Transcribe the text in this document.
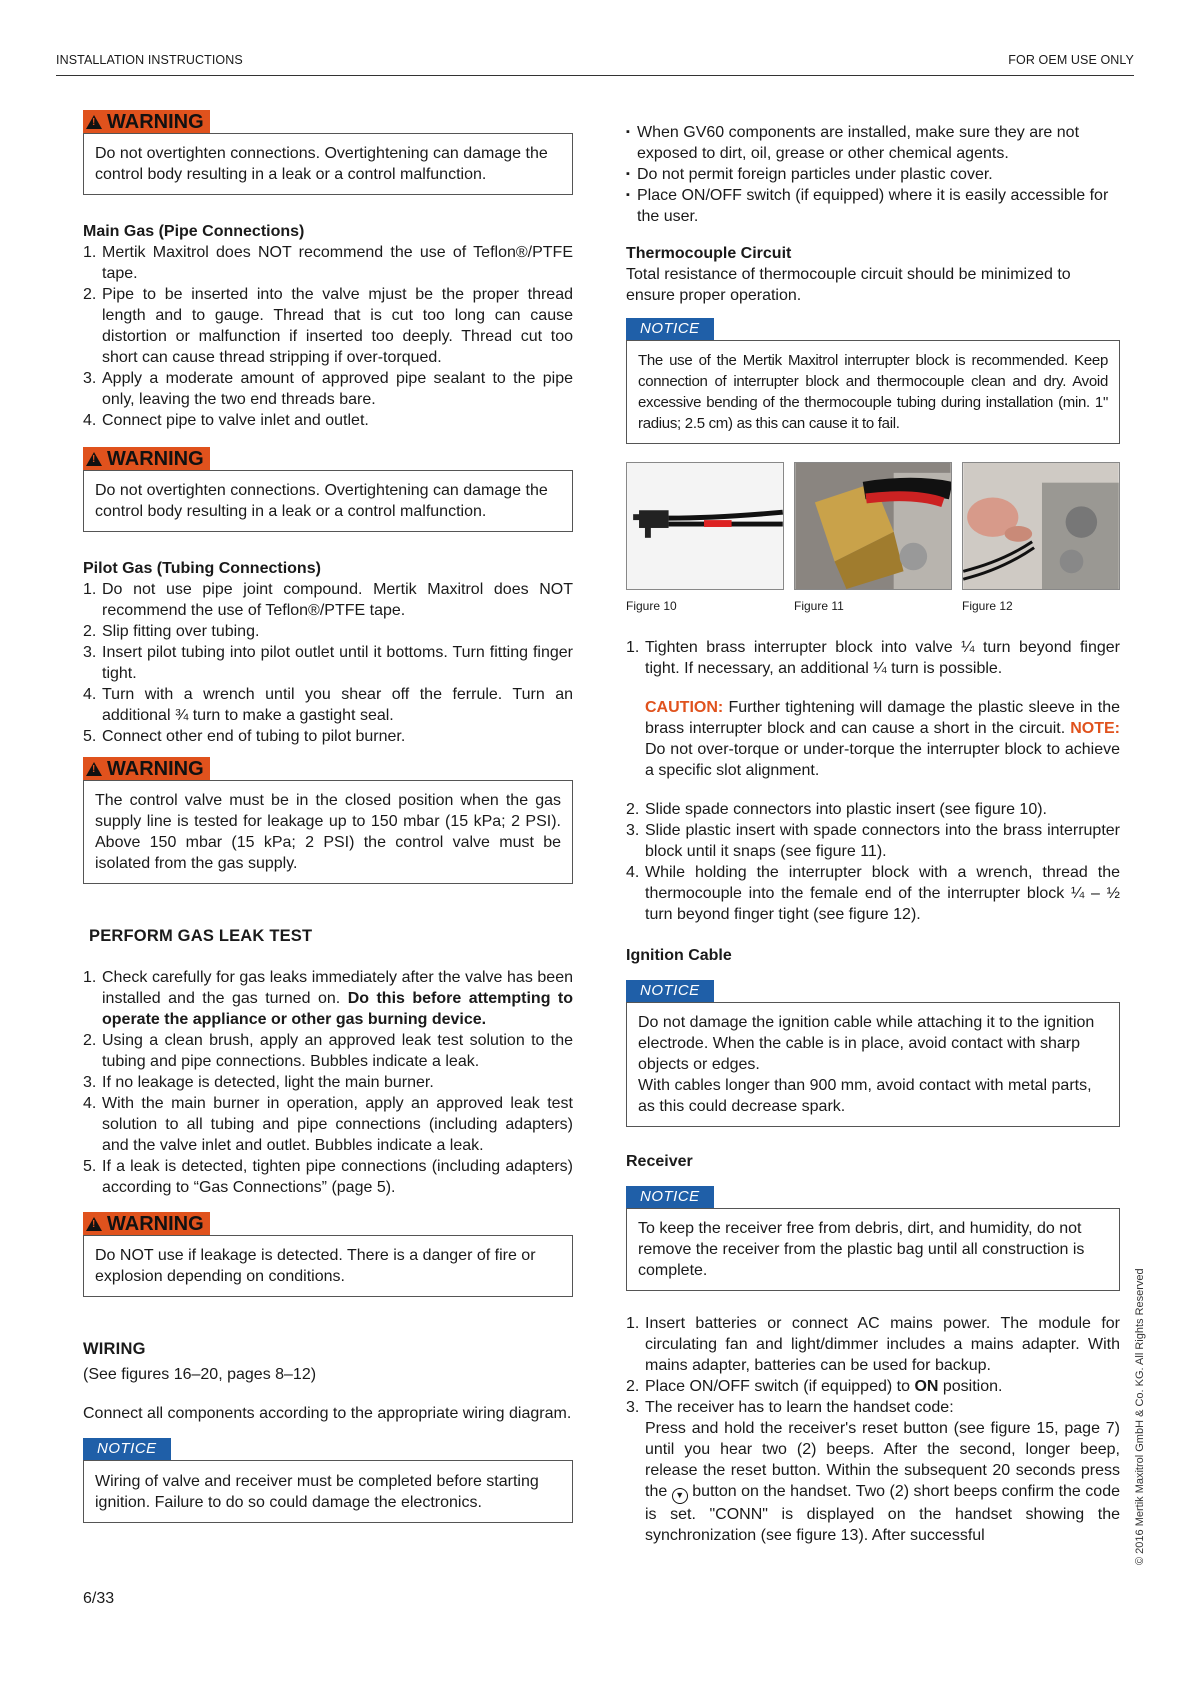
INSTALLATION INSTRUCTIONS	FOR OEM USE ONLY
!WARNING

Do not overtighten connections. Overtightening can damage the control body resulting in a leak or a control malfunction.

Main Gas (Pipe Connections)
1. Mertik Maxitrol does NOT recommend the use of Teflon®/PTFE tape.
2. Pipe to be inserted into the valve mjust be the proper thread length and to gauge. Thread that is cut too long can cause distortion or malfunction if inserted too deeply. Thread cut too short can cause thread stripping if over-torqued.
3. Apply a moderate amount of approved pipe sealant to the pipe only, leaving the two end threads bare.
4. Connect pipe to valve inlet and outlet.
!WARNING

Do not overtighten connections. Overtightening can damage the control body resulting in a leak or a control malfunction.

Pilot Gas (Tubing Connections)
1. Do not use pipe joint compound. Mertik Maxitrol does NOT recommend the use of Teflon®/PTFE tape.
2. Slip fitting over tubing.
3. Insert pilot tubing into pilot outlet until it bottoms. Turn fitting finger tight.
4. Turn with a wrench until you shear off the ferrule. Turn an additional ¾ turn to make a gastight seal.
5. Connect other end of tubing to pilot burner.
!WARNING

The control valve must be in the closed position when the gas supply line is tested for leakage up to 150 mbar (15 kPa; 2 PSI). Above 150 mbar (15 kPa; 2 PSI) the control valve must be isolated from the gas supply.

PERFORM GAS LEAK TEST
1. Check carefully for gas leaks immediately after the valve has been installed and the gas turned on. Do this before attempting to operate the appliance or other gas burning device.
2. Using a clean brush, apply an approved leak test solution to the tubing and pipe connections. Bubbles indicate a leak.
3. If no leakage is detected, light the main burner.
4. With the main burner in operation, apply an approved leak test solution to all tubing and pipe connections (including adapters) and the valve inlet and outlet. Bubbles indicate a leak.
5. If a leak is detected, tighten pipe connections (including adapters) according to “Gas Connections” (page 5).
!WARNING

Do NOT use if leakage is detected. There is a danger of fire or explosion depending on conditions.

WIRING

(See figures 16–20, pages 8–12)

Connect all components according to the appropriate wiring diagram.

NOTICE

Wiring of valve and receiver must be completed before starting ignition. Failure to do so could damage the electronics.

6/33
▪ When GV60 components are installed, make sure they are not exposed to dirt, oil, grease or other chemical agents.
▪ Do not permit foreign particles under plastic cover.
▪ Place ON/OFF switch (if equipped) where it is easily accessible for the user.
Thermocouple Circuit

Total resistance of thermocouple circuit should be minimized to ensure proper operation.

NOTICE

The use of the Mertik Maxitrol interrupter block is recommended. Keep connection of interrupter block and thermocouple clean and dry. Avoid excessive bending of the thermocouple tubing during installation (min. 1" radius; 2.5 cm) as this can cause it to fail.

Figure 10	Figure 11	Figure 12
1. Tighten brass interrupter block into valve ¼ turn beyond finger tight. If necessary, an additional ¼ turn is possible.

CAUTION: Further tightening will damage the plastic sleeve in the brass interrupter block and can cause a short in the circuit. NOTE: Do not over-torque or under-torque the interrupter block to achieve a specific slot alignment.

2. Slide spade connectors into plastic insert (see figure 10).
3. Slide plastic insert with spade connectors into the brass interrupter block until it snaps (see figure 11).
4. While holding the interrupter block with a wrench, thread the thermocouple into the female end of the interrupter block ¼ – ½ turn beyond finger tight (see figure 12).
Ignition Cable
NOTICE

Do not damage the ignition cable while attaching it to the ignition electrode. When the cable is in place, avoid contact with sharp objects or edges.

With cables longer than 900 mm, avoid contact with metal parts, as this could decrease spark.

Receiver
NOTICE

To keep the receiver free from debris, dirt, and humidity, do not remove the receiver from the plastic bag until all construction is complete.

1. Insert batteries or connect AC mains power. The module for circulating fan and light/dimmer includes a mains adapter. With mains adapter, batteries can be used for backup.
2. Place ON/OFF switch (if equipped) to ON position.
3. The receiver has to learn the handset code:
Press and hold the receiver's reset button (see figure 15, page 7) until you hear two (2) beeps. After the second, longer beep, release the reset button. Within the subsequent 20 seconds press the ▼ button on the handset. Two (2) short beeps confirm the code is set. "CONN" is displayed on the handset showing the synchronization (see figure 13). After successful	© 2016 Mertik Maxitrol GmbH & Co. KG. All Rights Reserved
